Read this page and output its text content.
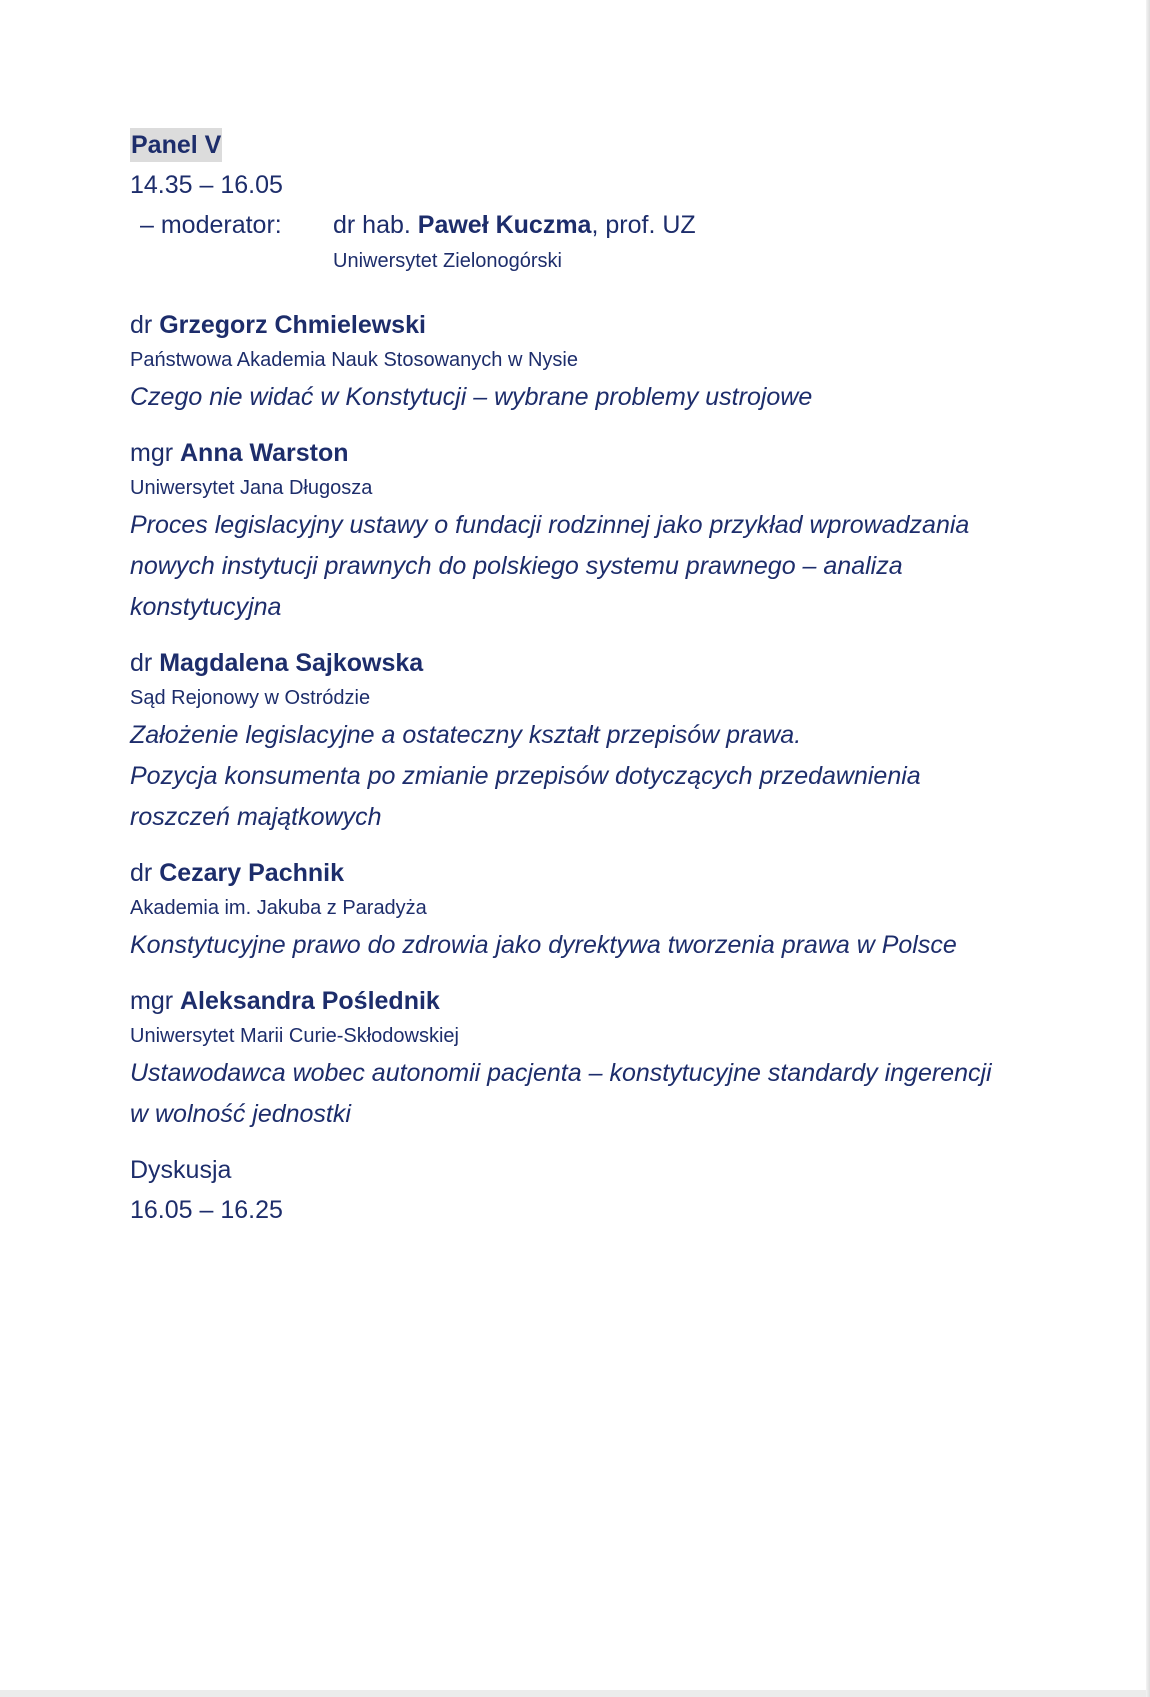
Panel V
14.35 – 16.05
– moderator: dr hab. Paweł Kuczma, prof. UZ
Uniwersytet Zielonogórski
dr Grzegorz Chmielewski
Państwowa Akademia Nauk Stosowanych w Nysie
Czego nie widać w Konstytucji – wybrane problemy ustrojowe
mgr Anna Warston
Uniwersytet Jana Długosza
Proces legislacyjny ustawy o fundacji rodzinnej jako przykład wprowadzania
nowych instytucji prawnych do polskiego systemu prawnego – analiza
konstytucyjna
dr Magdalena Sajkowska
Sąd Rejonowy w Ostródzie
Założenie legislacyjne a ostateczny kształt przepisów prawa.
Pozycja konsumenta po zmianie przepisów dotyczących przedawnienia
roszczeń majątkowych
dr Cezary Pachnik
Akademia im. Jakuba z Paradyża
Konstytucyjne prawo do zdrowia jako dyrektywa tworzenia prawa w Polsce
mgr Aleksandra Poślednik
Uniwersytet Marii Curie-Skłodowskiej
Ustawodawca wobec autonomii pacjenta – konstytucyjne standardy ingerencji
w wolność jednostki
Dyskusja
16.05 – 16.25
